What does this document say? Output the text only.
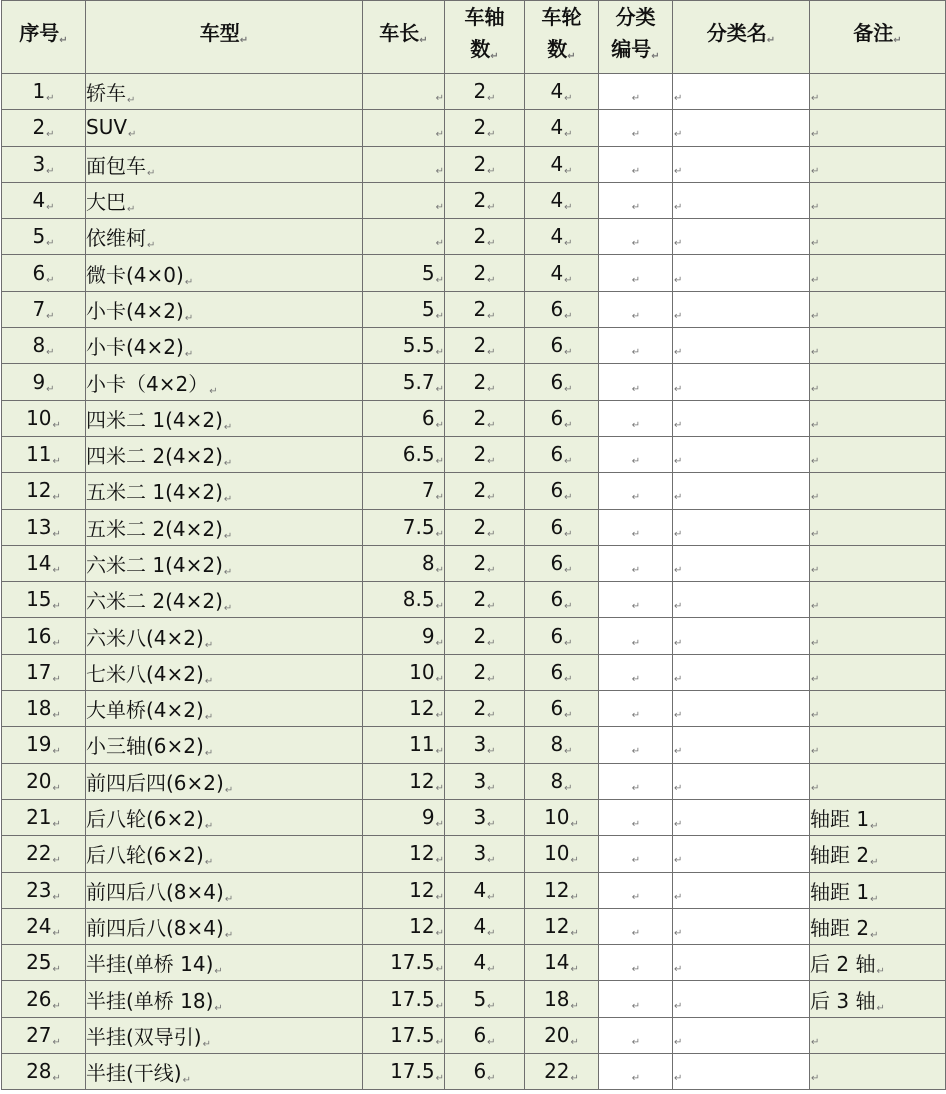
序号↵	车型↵	车长↵	车轴
数↵	车轮
数↵	分类
编号↵	分类名↵	备注↵
1↵	轿车↵	↵	2↵	4↵	↵	↵	↵
2↵	SUV↵	↵	2↵	4↵	↵	↵	↵
3↵	面包车↵	↵	2↵	4↵	↵	↵	↵
4↵	大巴↵	↵	2↵	4↵	↵	↵	↵
5↵	依维柯↵	↵	2↵	4↵	↵	↵	↵
6↵	微卡(4×0)↵	5↵	2↵	4↵	↵	↵	↵
7↵	小卡(4×2)↵	5↵	2↵	6↵	↵	↵	↵
8↵	小卡(4×2)↵	5.5↵	2↵	6↵	↵	↵	↵
9↵	小卡（4×2）↵	5.7↵	2↵	6↵	↵	↵	↵
10↵	四米二 1(4×2)↵	6↵	2↵	6↵	↵	↵	↵
11↵	四米二 2(4×2)↵	6.5↵	2↵	6↵	↵	↵	↵
12↵	五米二 1(4×2)↵	7↵	2↵	6↵	↵	↵	↵
13↵	五米二 2(4×2)↵	7.5↵	2↵	6↵	↵	↵	↵
14↵	六米二 1(4×2)↵	8↵	2↵	6↵	↵	↵	↵
15↵	六米二 2(4×2)↵	8.5↵	2↵	6↵	↵	↵	↵
16↵	六米八(4×2)↵	9↵	2↵	6↵	↵	↵	↵
17↵	七米八(4×2)↵	10↵	2↵	6↵	↵	↵	↵
18↵	大单桥(4×2)↵	12↵	2↵	6↵	↵	↵	↵
19↵	小三轴(6×2)↵	11↵	3↵	8↵	↵	↵	↵
20↵	前四后四(6×2)↵	12↵	3↵	8↵	↵	↵	↵
21↵	后八轮(6×2)↵	9↵	3↵	10↵	↵	↵	轴距 1↵
22↵	后八轮(6×2)↵	12↵	3↵	10↵	↵	↵	轴距 2↵
23↵	前四后八(8×4)↵	12↵	4↵	12↵	↵	↵	轴距 1↵
24↵	前四后八(8×4)↵	12↵	4↵	12↵	↵	↵	轴距 2↵
25↵	半挂(单桥 14)↵	17.5↵	4↵	14↵	↵	↵	后 2 轴↵
26↵	半挂(单桥 18)↵	17.5↵	5↵	18↵	↵	↵	后 3 轴↵
27↵	半挂(双导引)↵	17.5↵	6↵	20↵	↵	↵	↵
28↵	半挂(干线)↵	17.5↵	6↵	22↵	↵	↵	↵
